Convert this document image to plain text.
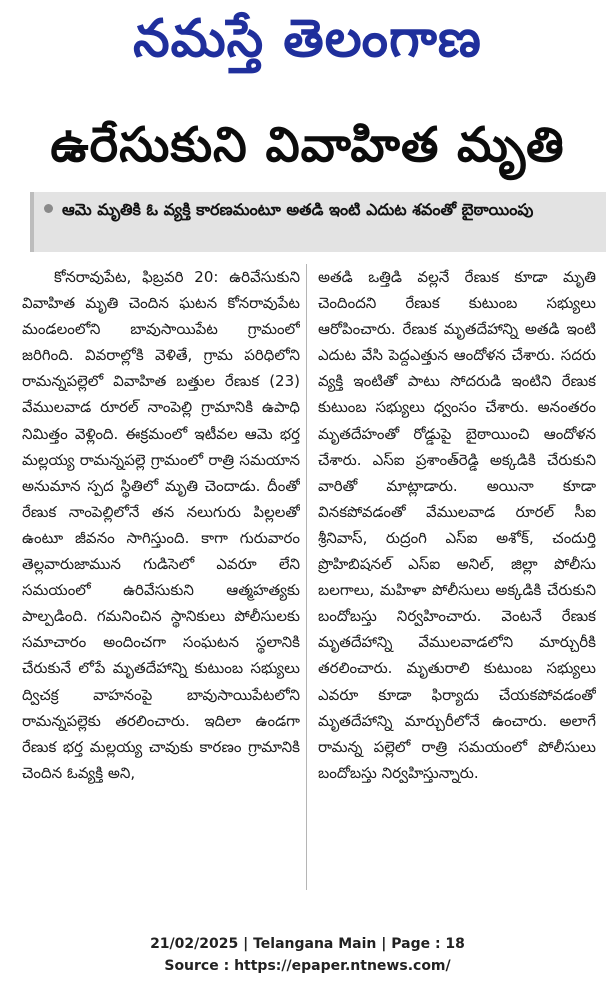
నమస్తే తెలంగాణ
ఉరేసుకుని వివాహిత మృతి
ఆమె మృతికి ఓ వ్యక్తి కారణమంటూ అతడి ఇంటి ఎదుట శవంతో బైఠాయింపు
కోనరావుపేట, ఫిబ్రవరి 20: ఉరివేసుకుని వివాహిత మృతి చెందిన ఘటన కోనరావుపేట మండలంలోని బావుసాయిపేట గ్రామంలో జరిగింది. వివరాల్లోకి వెళితే, గ్రామ పరిధిలోని రామన్నపల్లెలో వివాహిత బత్తుల రేణుక (23) వేములవాడ రూరల్ నాంపెల్లి గ్రామానికి ఉపాధి నిమిత్తం వెళ్లింది. ఈక్రమంలో ఇటీవల ఆమె భర్త మల్లయ్య రామన్నపల్లె గ్రామంలో రాత్రి సమయాన అనుమాన స్పద స్థితిలో మృతి చెందాడు. దీంతో రేణుక నాంపెల్లిలోనే తన నలుగురు పిల్లలతో ఉంటూ జీవనం సాగిస్తుంది. కాగా గురువారం తెల్లవారుజామున గుడిసెలో ఎవరూ లేని సమయంలో ఉరివేసుకుని ఆత్మహత్యకు పాల్పడింది. గమనించిన స్థానికులు పోలీసులకు సమాచారం అందించగా సంఘటన స్థలానికి చేరుకునే లోపే మృతదేహాన్ని కుటుంబ సభ్యులు ద్విచక్ర వాహనంపై బావుసాయిపేటలోని రామన్నపల్లెకు తరలించారు. ఇదిలా ఉండగా రేణుక భర్త మల్లయ్య చావుకు కారణం గ్రామానికి చెందిన ఓవ్యక్తి అని,
అతడి ఒత్తిడి వల్లనే రేణుక కూడా మృతి చెందిందని రేణుక కుటుంబ సభ్యులు ఆరోపించారు. రేణుక మృతదేహాన్ని అతడి ఇంటి ఎదుట వేసి పెద్దఎత్తున ఆందోళన చేశారు. సదరు వ్యక్తి ఇంటితో పాటు సోదరుడి ఇంటిని రేణుక కుటుంబ సభ్యులు ధ్వంసం చేశారు. అనంతరం మృతదేహంతో రోడ్డుపై బైఠాయించి ఆందోళన చేశారు. ఎస్ఐ ప్రశాంత్‌రెడ్డి అక్కడికి చేరుకుని వారితో మాట్లాడారు. అయినా కూడా వినకపోవడంతో వేములవాడ రూరల్ సీఐ శ్రీనివాస్, రుద్రంగి ఎస్ఐ అశోక్, చందుర్తి ప్రొహిబిషనల్ ఎస్ఐ అనిల్, జిల్లా పోలీసు బలగాలు, మహిళా పోలీసులు అక్కడికి చేరుకుని బందోబస్తు నిర్వహించారు. వెంటనే రేణుక మృతదేహాన్ని వేములవాడలోని మార్చురీకి తరలించారు. మృతురాలి కుటుంబ సభ్యులు ఎవరూ కూడా ఫిర్యాదు చేయకపోవడంతో మృతదేహాన్ని మార్చురీలోనే ఉంచారు. అలాగే రామన్న పల్లెలో రాత్రి సమయంలో పోలీసులు బందోబస్తు నిర్వహిస్తున్నారు.
21/02/2025 | Telangana Main | Page : 18
Source : https://epaper.ntnews.com/
